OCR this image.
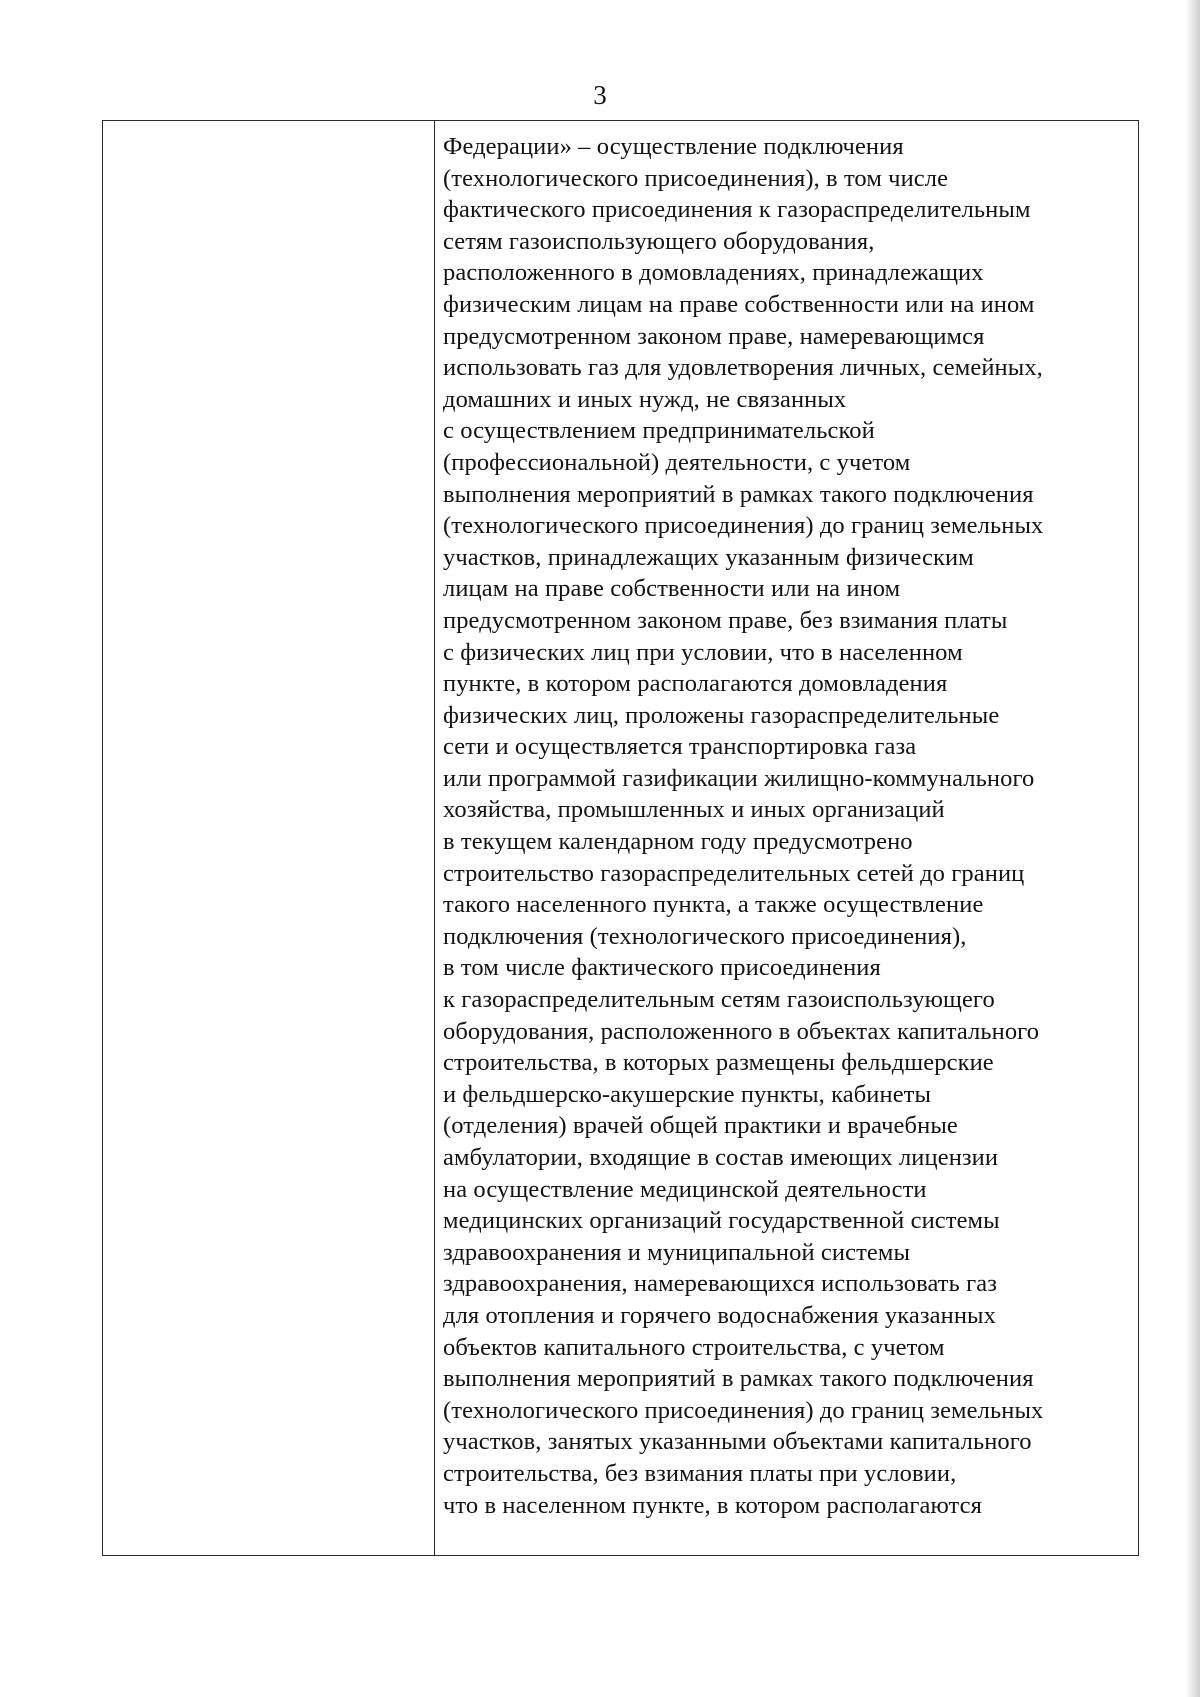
3
Федерации» – осуществление подключения
(технологического присоединения), в том числе
фактического присоединения к газораспределительным
сетям газоиспользующего оборудования,
расположенного в домовладениях, принадлежащих
физическим лицам на праве собственности или на ином
предусмотренном законом праве, намеревающимся
использовать газ для удовлетворения личных, семейных,
домашних и иных нужд, не связанных
с осуществлением предпринимательской
(профессиональной) деятельности, с учетом
выполнения мероприятий в рамках такого подключения
(технологического присоединения) до границ земельных
участков, принадлежащих указанным физическим
лицам на праве собственности или на ином
предусмотренном законом праве, без взимания платы
с физических лиц при условии, что в населенном
пункте, в котором располагаются домовладения
физических лиц, проложены газораспределительные
сети и осуществляется транспортировка газа
или программой газификации жилищно-коммунального
хозяйства, промышленных и иных организаций
в текущем календарном году предусмотрено
строительство газораспределительных сетей до границ
такого населенного пункта, а также осуществление
подключения (технологического присоединения),
в том числе фактического присоединения
к газораспределительным сетям газоиспользующего
оборудования, расположенного в объектах капитального
строительства, в которых размещены фельдшерские
и фельдшерско-акушерские пункты, кабинеты
(отделения) врачей общей практики и врачебные
амбулатории, входящие в состав имеющих лицензии
на осуществление медицинской деятельности
медицинских организаций государственной системы
здравоохранения и муниципальной системы
здравоохранения, намеревающихся использовать газ
для отопления и горячего водоснабжения указанных
объектов капитального строительства, с учетом
выполнения мероприятий в рамках такого подключения
(технологического присоединения) до границ земельных
участков, занятых указанными объектами капитального
строительства, без взимания платы при условии,
что в населенном пункте, в котором располагаются
